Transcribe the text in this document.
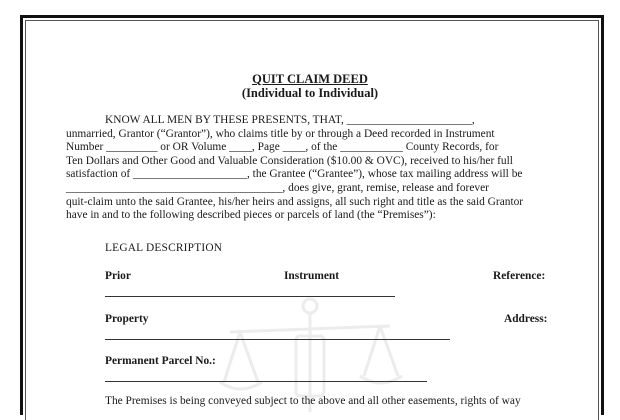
QUIT CLAIM DEED
(Individual to Individual)
KNOW ALL MEN BY THESE PRESENTS, THAT, ______________________,
unmarried, Grantor (“Grantor”), who claims title by or through a Deed recorded in Instrument
Number _________ or OR Volume ____, Page ____, of the ___________ County Records, for
Ten Dollars and Other Good and Valuable Consideration ($10.00 & OVC), received to his/her full
satisfaction of ____________________, the Grantee (“Grantee”), whose tax mailing address will be
______________________________________, does give, grant, remise, release and forever
quit-claim unto the said Grantee, his/her heirs and assigns, all such right and title as the said Grantor
have in and to the following described pieces or parcels of land (the “Premises”):
LEGAL DESCRIPTION
Prior	Instrument	Reference:
Property	Address:
Permanent Parcel No.:
The Premises is being conveyed subject to the above and all other easements, rights of way
